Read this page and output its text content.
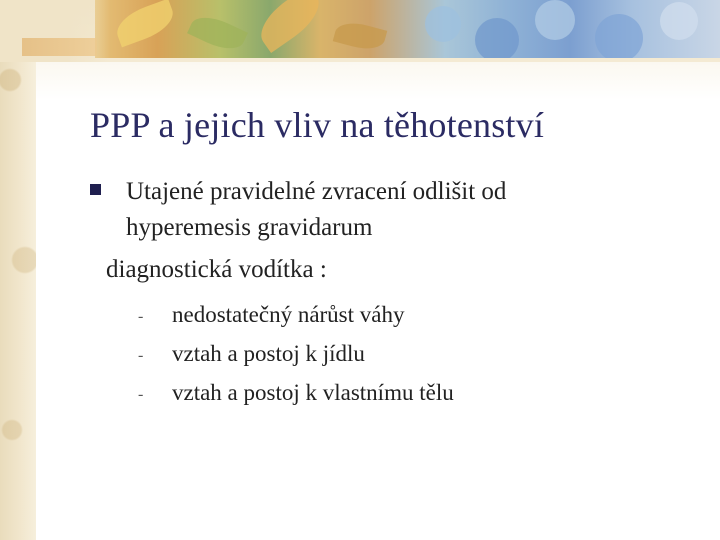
PPP a jejich vliv na těhotenství
Utajené pravidelné zvracení odlišit od
hyperemesis gravidarum
diagnostická vodítka :
- nedostatečný nárůst váhy
- vztah a postoj k jídlu
- vztah a postoj k vlastnímu tělu
